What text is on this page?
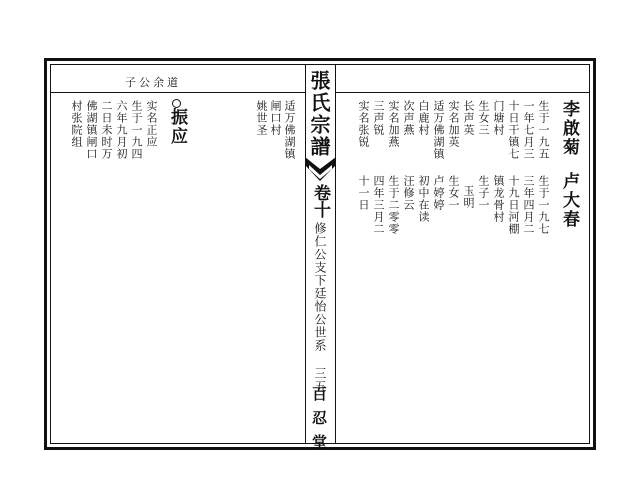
子公余道	張氏宗譜
卷十
修仁公支下廷怡公世系 三五
百忍堂
适万佛湖镇
闸口村
姚世圣
振应
实名正应
生于一九四
六年九月初
二日未时万
佛湖镇闸口
村张院组	李啟菊
卢大春
生于一九五
一年七月三
十日干镇七
门塘村
生女三
长声英
实名加英
适万佛湖镇
白鹿村
次声燕
实名加燕
三声锐
实名张锐
生于一九七
三年四月二
十九日河棚
镇龙骨村
生子一
玉明
生女一
卢婷婷
初中在读
汪修云
生于二零零
四年三月二
十一日
